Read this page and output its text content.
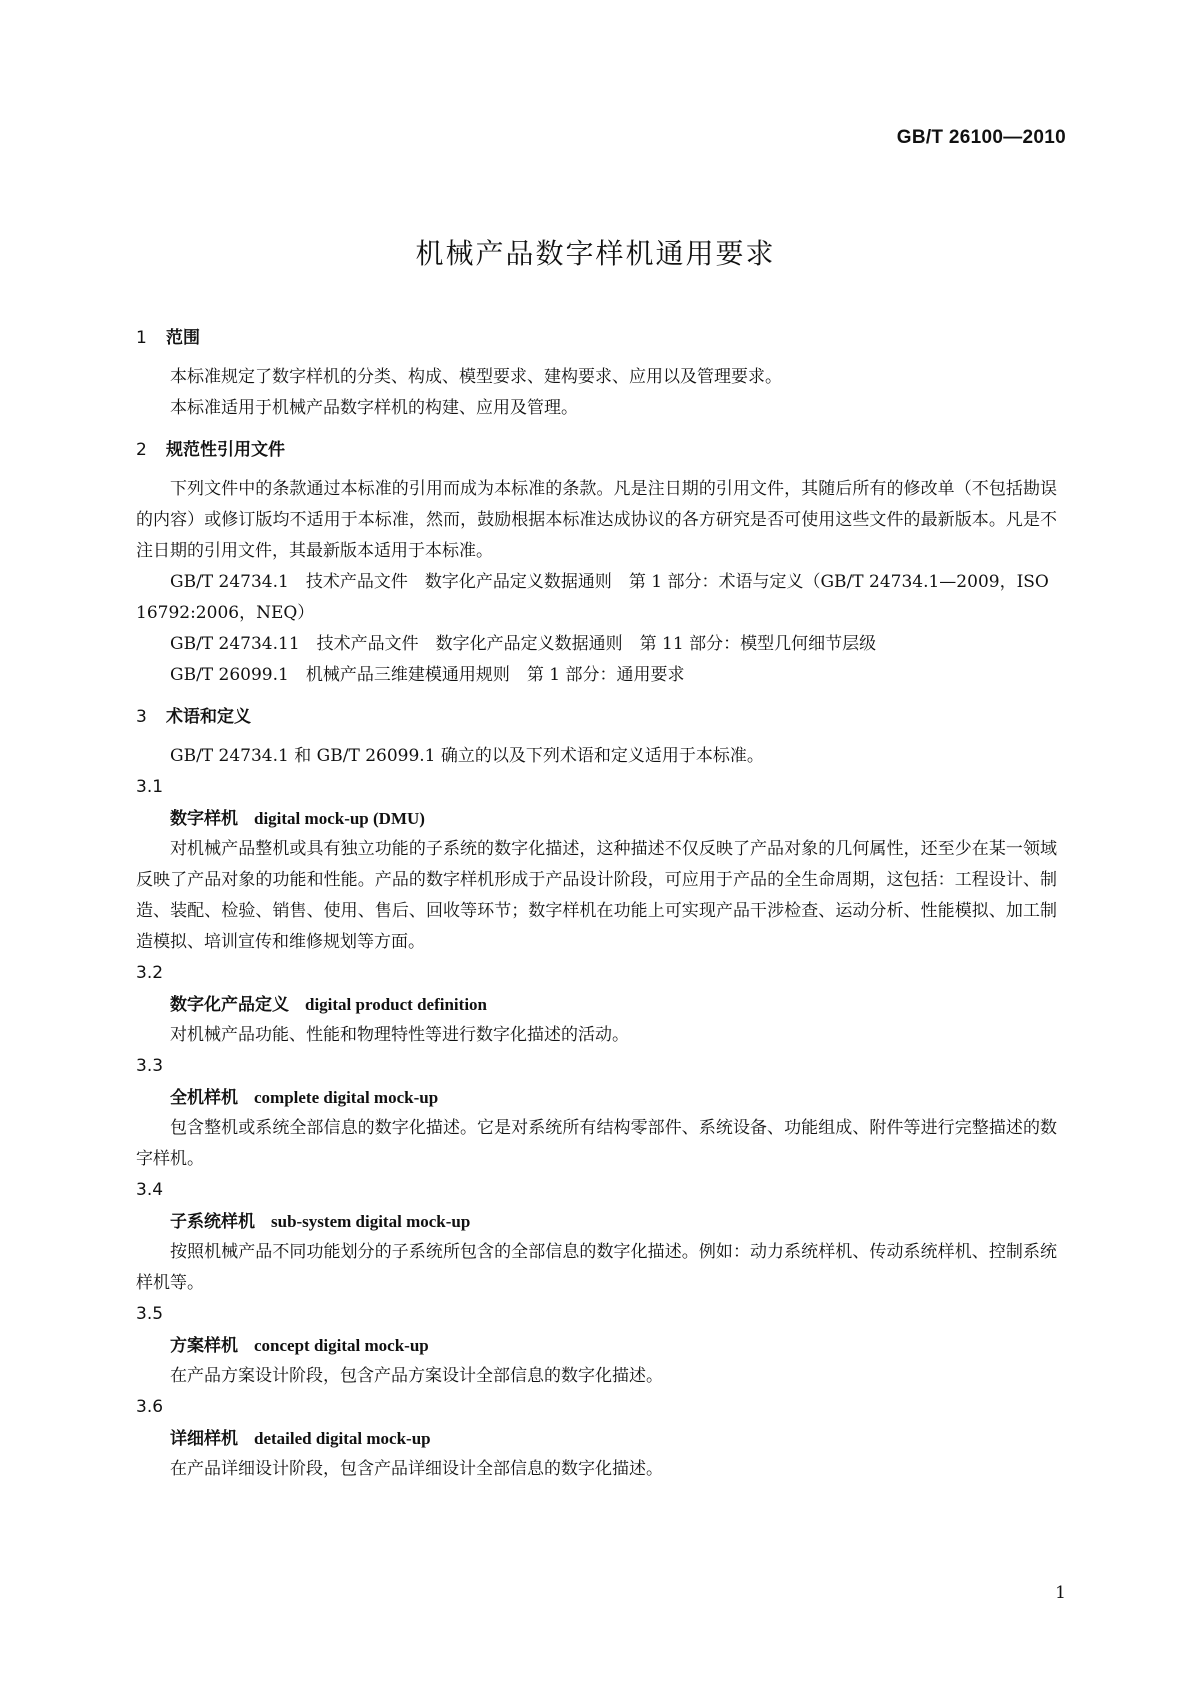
GB/T 26100—2010
机械产品数字样机通用要求
1 范围

本标准规定了数字样机的分类、构成、模型要求、建构要求、应用以及管理要求。

本标准适用于机械产品数字样机的构建、应用及管理。

2 规范性引用文件

下列文件中的条款通过本标准的引用而成为本标准的条款。凡是注日期的引用文件，其随后所有的修改单（不包括勘误的内容）或修订版均不适用于本标准，然而，鼓励根据本标准达成协议的各方研究是否可使用这些文件的最新版本。凡是不注日期的引用文件，其最新版本适用于本标准。

GB/T 24734.1　技术产品文件　数字化产品定义数据通则　第 1 部分：术语与定义（GB/T 24734.1—2009，ISO 16792:2006，NEQ）

GB/T 24734.11　技术产品文件　数字化产品定义数据通则　第 11 部分：模型几何细节层级

GB/T 26099.1　机械产品三维建模通用规则　第 1 部分：通用要求

3 术语和定义

GB/T 24734.1 和 GB/T 26099.1 确立的以及下列术语和定义适用于本标准。

3.1
数字样机 digital mock-up (DMU)

对机械产品整机或具有独立功能的子系统的数字化描述，这种描述不仅反映了产品对象的几何属性，还至少在某一领域反映了产品对象的功能和性能。产品的数字样机形成于产品设计阶段，可应用于产品的全生命周期，这包括：工程设计、制造、装配、检验、销售、使用、售后、回收等环节；数字样机在功能上可实现产品干涉检查、运动分析、性能模拟、加工制造模拟、培训宣传和维修规划等方面。

3.2
数字化产品定义 digital product definition

对机械产品功能、性能和物理特性等进行数字化描述的活动。

3.3
全机样机 complete digital mock-up

包含整机或系统全部信息的数字化描述。它是对系统所有结构零部件、系统设备、功能组成、附件等进行完整描述的数字样机。

3.4
子系统样机 sub-system digital mock-up

按照机械产品不同功能划分的子系统所包含的全部信息的数字化描述。例如：动力系统样机、传动系统样机、控制系统样机等。

3.5
方案样机 concept digital mock-up

在产品方案设计阶段，包含产品方案设计全部信息的数字化描述。

3.6
详细样机 detailed digital mock-up

在产品详细设计阶段，包含产品详细设计全部信息的数字化描述。

1
